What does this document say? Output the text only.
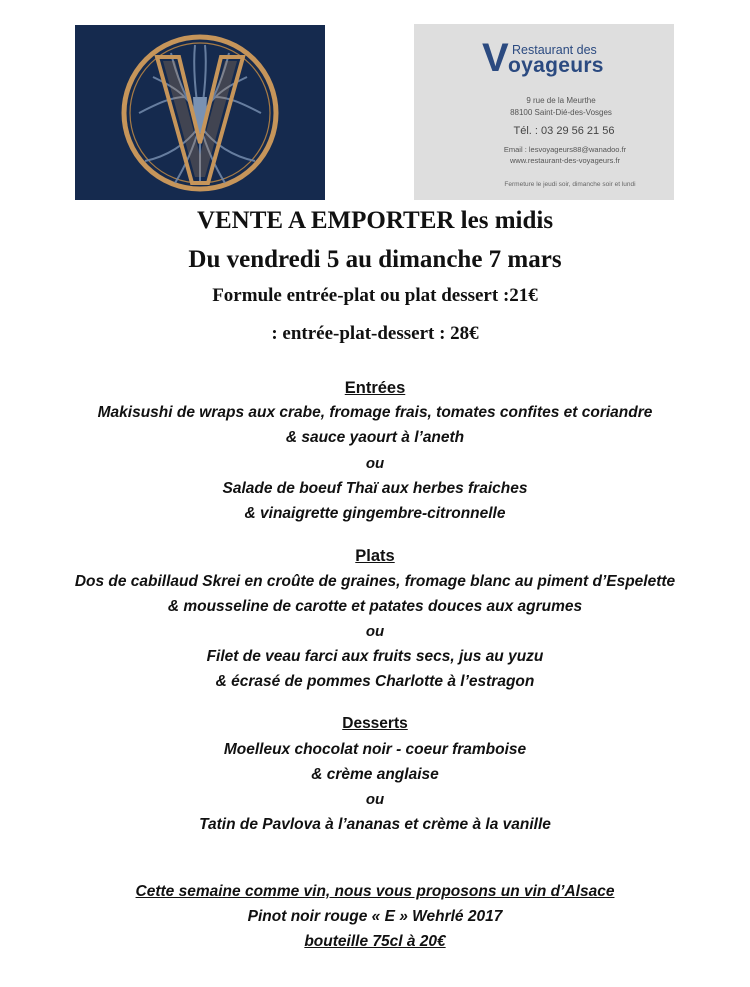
V Restaurant des
oyageurs
9 rue de la Meurthe
88100 Saint-Dié-des-Vosges
Tél. : 03 29 56 21 56
Email : lesvoyageurs88@wanadoo.fr
www.restaurant-des-voyageurs.fr
Fermeture le jeudi soir, dimanche soir et lundi
VENTE A EMPORTER les midis
Du vendredi 5 au dimanche 7 mars
Formule entrée-plat ou plat dessert :21€
: entrée-plat-dessert : 28€
Entrées
Makisushi de wraps aux crabe, fromage frais, tomates confites et coriandre
& sauce yaourt à l’aneth
ou
Salade de boeuf Thaï aux herbes fraiches
& vinaigrette gingembre-citronnelle
Plats
Dos de cabillaud Skrei en croûte de graines, fromage blanc au piment d’Espelette
& mousseline de carotte et patates douces aux agrumes
ou
Filet de veau farci aux fruits secs, jus au yuzu
& écrasé de pommes Charlotte à l’estragon
Desserts
Moelleux chocolat noir - coeur framboise
& crème anglaise
ou
Tatin de Pavlova à l’ananas et crème à la vanille
Cette semaine comme vin, nous vous proposons un vin d’Alsace
Pinot noir rouge « E » Wehrlé 2017
bouteille 75cl à 20€
